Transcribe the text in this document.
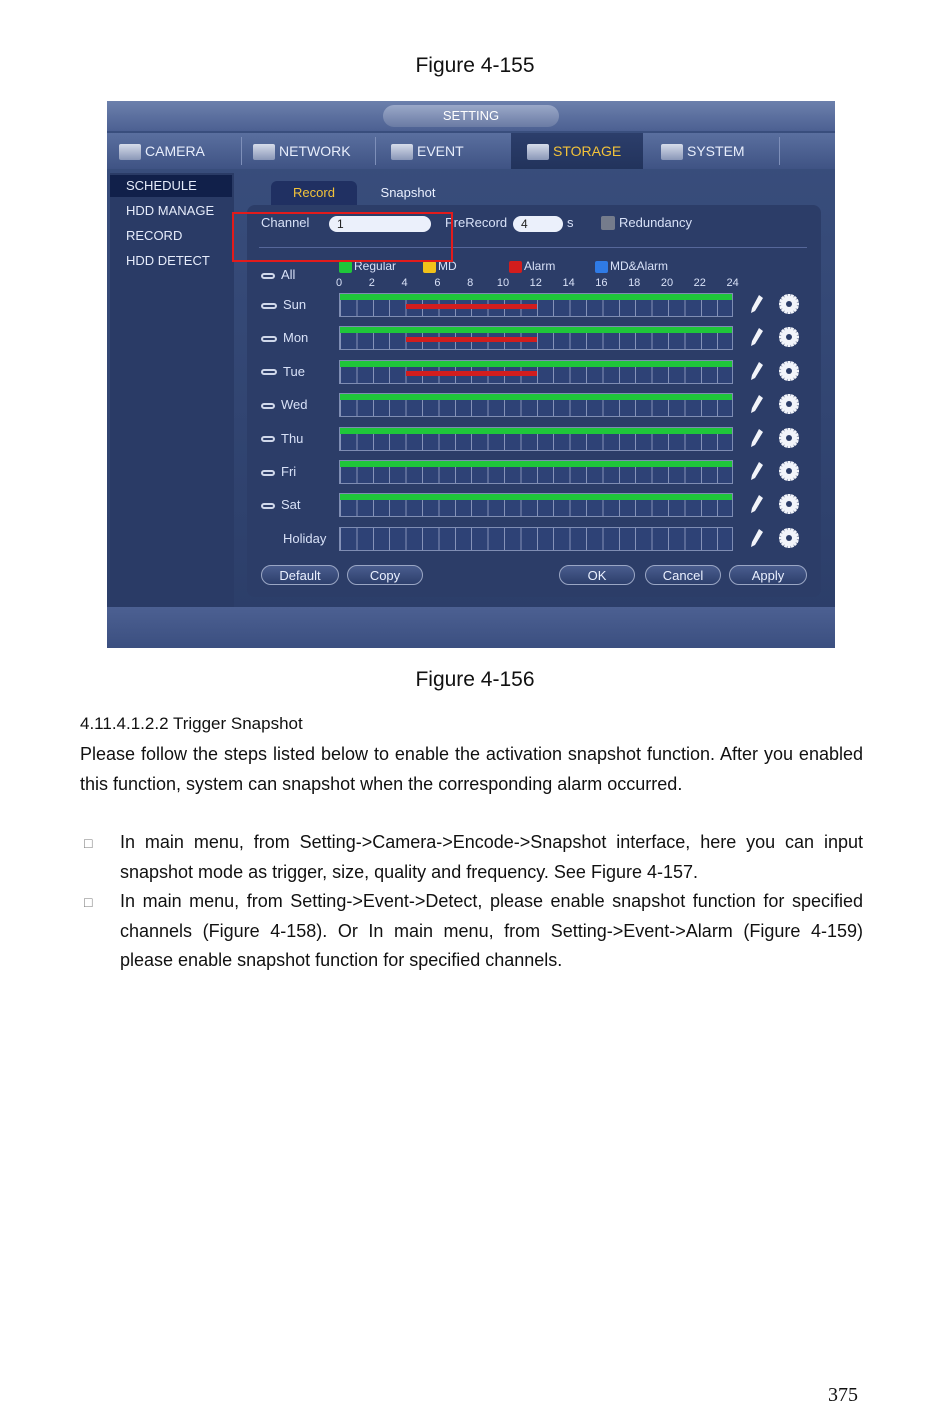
Figure 4-155
SETTING
CAMERA	NETWORK	EVENT	STORAGE	SYSTEM
SCHEDULE
HDD MANAGE
RECORD
HDD DETECT
Record	Snapshot
Channel	1	PreRecord	4	s	Redundancy
Regular	MD	Alarm	MD&Alarm
All
0	2	4	6	8	10	12	14	16	18	20	22	24
Sun
Mon
Tue
Wed
Thu
Fri
Sat
Holiday
Default	Copy	OK	Cancel	Apply
Figure 4-156
4.11.4.1.2.2 Trigger Snapshot
Please follow the steps listed below to enable the activation snapshot function. After you enabled this function, system can snapshot when the corresponding alarm occurred.
□ In main menu, from Setting->Camera->Encode->Snapshot interface, here you can input snapshot mode as trigger, size, quality and frequency. See Figure 4-157.
□ In main menu, from Setting->Event->Detect, please enable snapshot function for specified channels (Figure 4-158). Or In main menu, from Setting->Event->Alarm (Figure 4-159) please enable snapshot function for specified channels.
375
